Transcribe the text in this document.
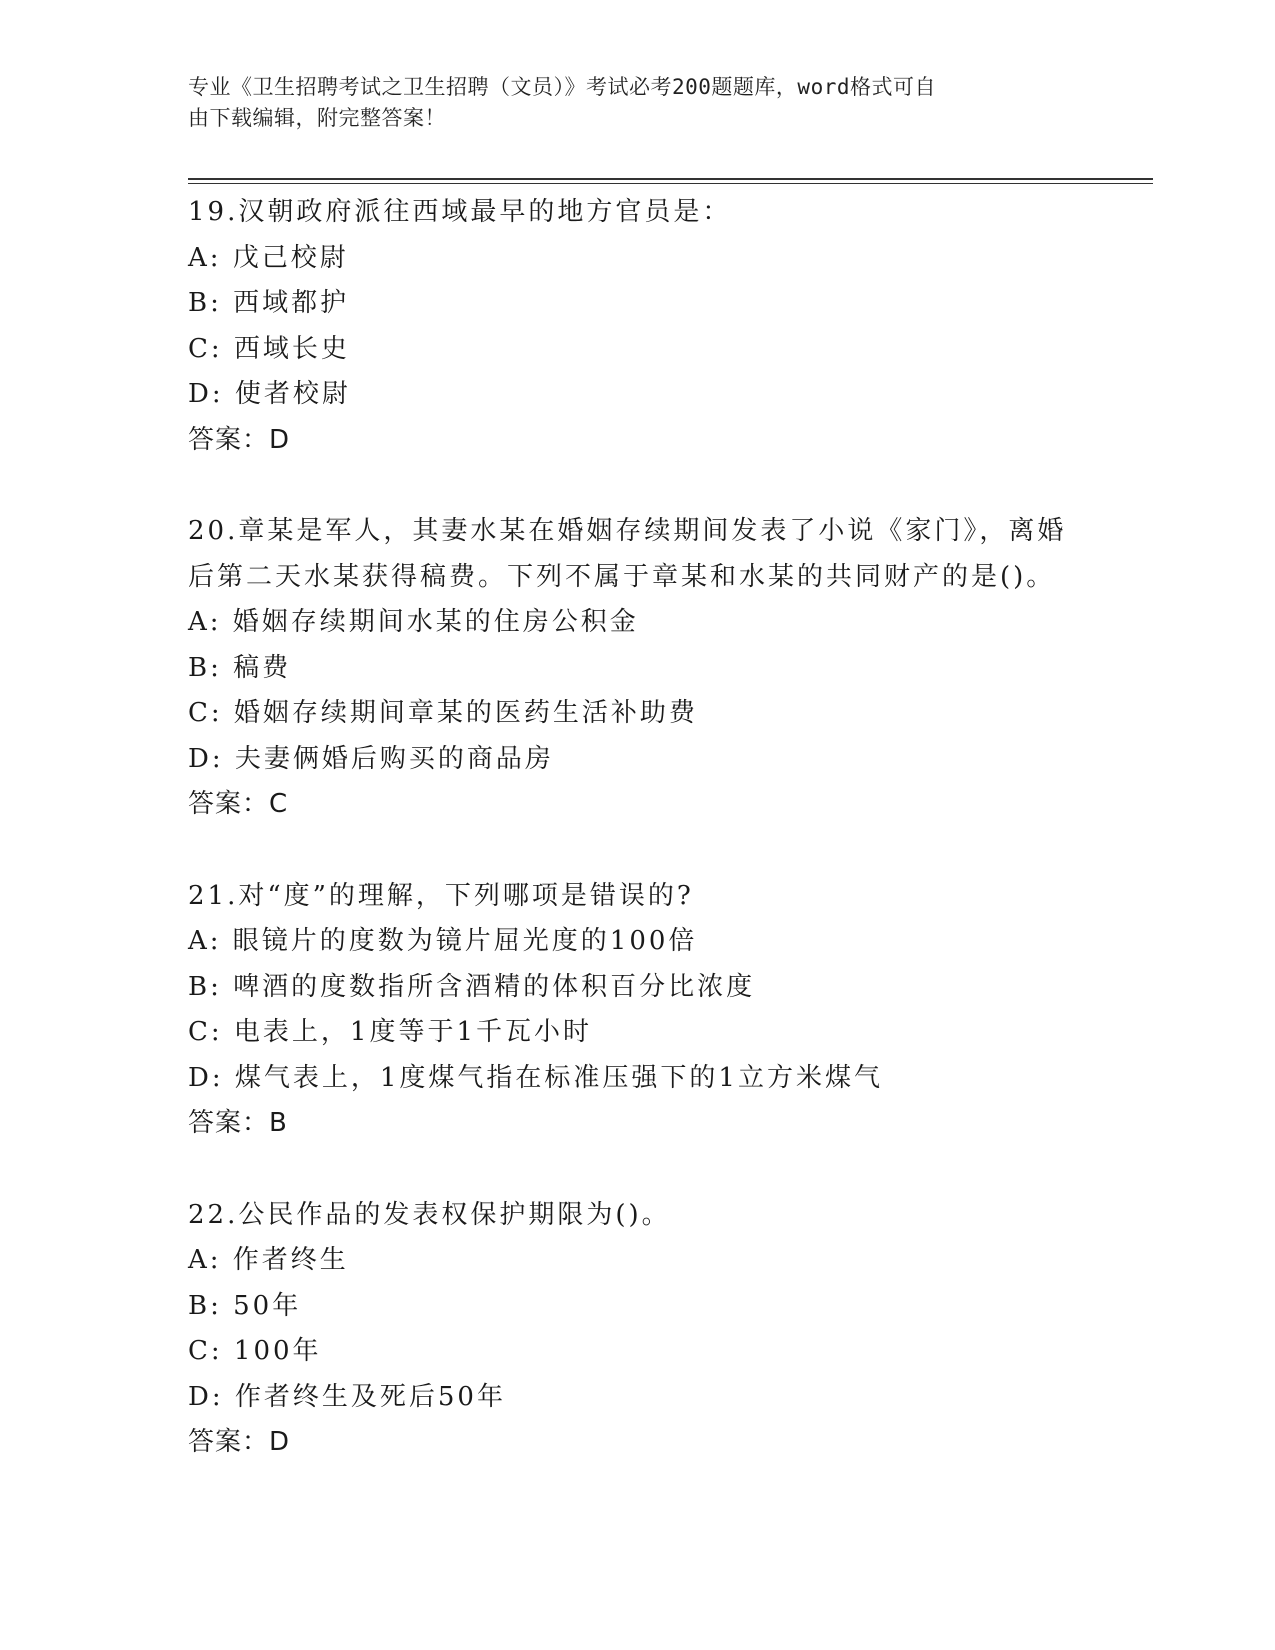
专业《卫生招聘考试之卫生招聘（文员）》考试必考200题题库，word格式可自
由下载编辑，附完整答案！
19.汉朝政府派往西域最早的地方官员是：
A: 戊己校尉
B: 西域都护
C: 西域长史
D: 使者校尉
答案：D
20.章某是军人，其妻水某在婚姻存续期间发表了小说《家门》，离婚
后第二天水某获得稿费。下列不属于章某和水某的共同财产的是()。
A: 婚姻存续期间水某的住房公积金
B: 稿费
C: 婚姻存续期间章某的医药生活补助费
D: 夫妻俩婚后购买的商品房
答案：C
21.对“度”的理解，下列哪项是错误的?
A: 眼镜片的度数为镜片屈光度的100倍
B: 啤酒的度数指所含酒精的体积百分比浓度
C: 电表上，1度等于1千瓦小时
D: 煤气表上，1度煤气指在标准压强下的1立方米煤气
答案：B
22.公民作品的发表权保护期限为()。
A: 作者终生
B: 50年
C: 100年
D: 作者终生及死后50年
答案：D
